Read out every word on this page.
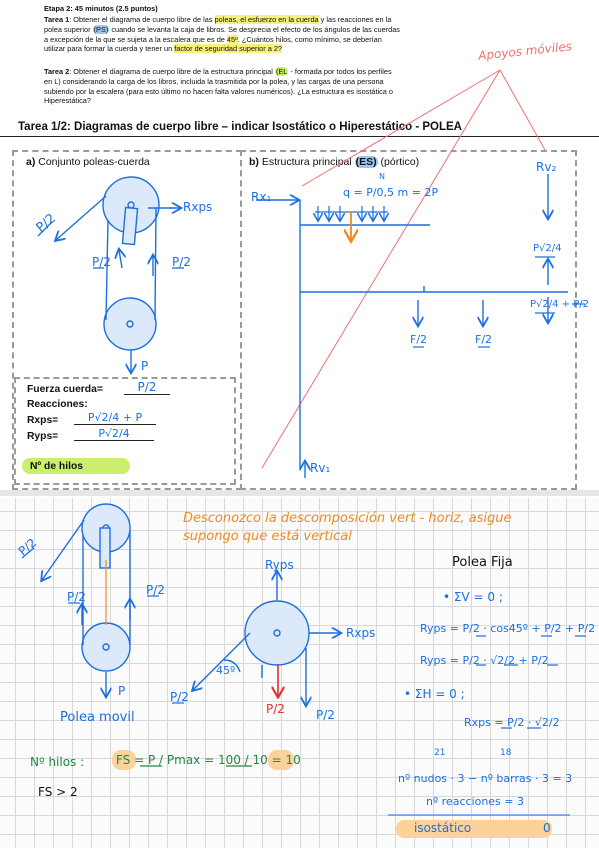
Etapa 2: 45 minutos (2.5 puntos)
Tarea 1: Obtener el diagrama de cuerpo libre de las poleas, el esfuerzo en la cuerda y las reacciones en la
polea superior (PS) cuando se levanta la caja de libros. Se desprecia el efecto de los ángulos de las cuerdas
a excepción de la que se sujeta a la escalera que es de 45º. ¿Cuántos hilos, como mínimo, se deberían
utilizar para formar la cuerda y tener un factor de seguridad superior a 2?
Tarea 2: Obtener el diagrama de cuerpo libre de la estructura principal (EL - formada por todos los perfiles
en L) considerando la carga de los libros, incluida la trasmitida por la polea, y las cargas de una persona
subiendo por la escalera (para esto último no hacen falta valores numéricos). ¿La estructura es isostática o
Hiperestática?
Apoyos móviles
Tarea 1/2: Diagramas de cuerpo libre – indicar Isostático o Hiperestático - POLEA
a) Conjunto poleas-cuerda	b) Estructura principal (ES) (pórtico)
Fuerza cuerda=	P/2
Reacciones:
Rxps=	P√2/4 + P
Ryps=	P√2/4
Nº de hilos
P/2
Rxps
P/2	P/2
P
Rx₁	q = P/0,5 m = 2P
N
Rv₂
P√2/4
P√2/4 + P/2
F/2	F/2
Rv₁
Desconozco la descomposición vert - horiz, asigue
supongo que está vertical
P/2
P/2	P/2
P
Polea movil
Ryps
Rxps
45º
P/2
P/2	P/2
Polea Fija
• ΣV = 0 ;
Ryps = P/2 · cos45º + P/2 + P/2
Ryps = P/2 · √2/2 + P/2
• ΣH = 0 ;
Rxps = P/2 · √2/2
Nº hilos :	FS = P / Pmax = 100 / 10 = 10
FS > 2
21	18
nº nudos · 3 − nº barras · 3 = 3
nº reacciones = 3
isostático	0
